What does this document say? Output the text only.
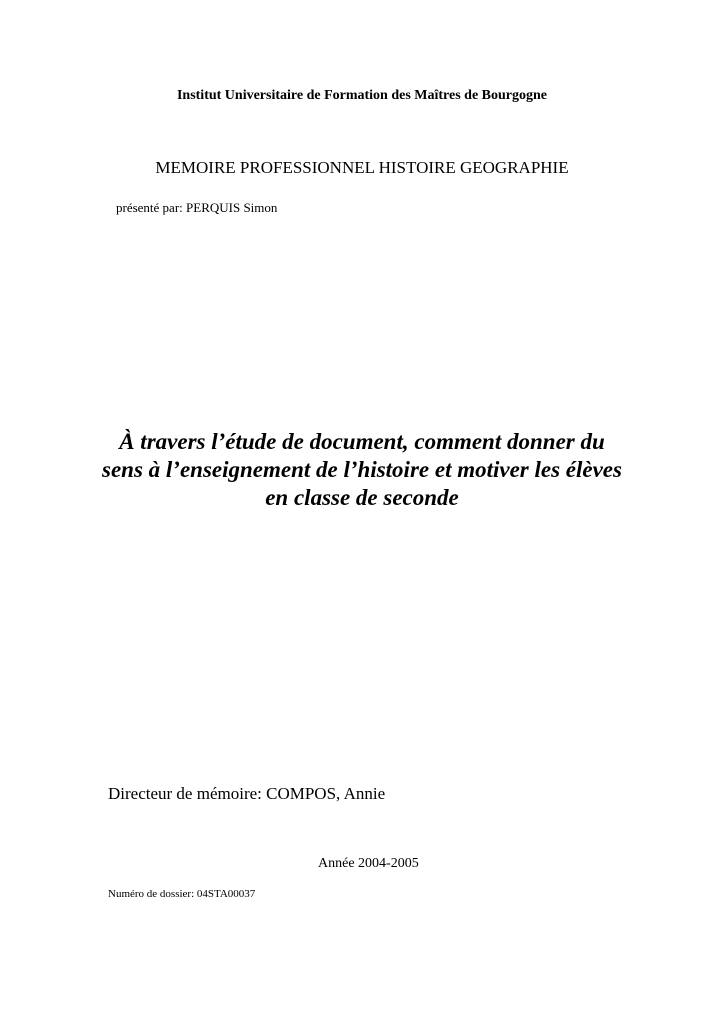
Institut Universitaire de Formation des Maîtres de Bourgogne

MEMOIRE PROFESSIONNEL HISTOIRE GEOGRAPHIE

présenté par: PERQUIS Simon

À travers l’étude de document, comment donner du
sens à l’enseignement de l’histoire et motiver les élèves
en classe de seconde

Directeur de mémoire: COMPOS, Annie

Année 2004-2005

Numéro de dossier: 04STA00037
